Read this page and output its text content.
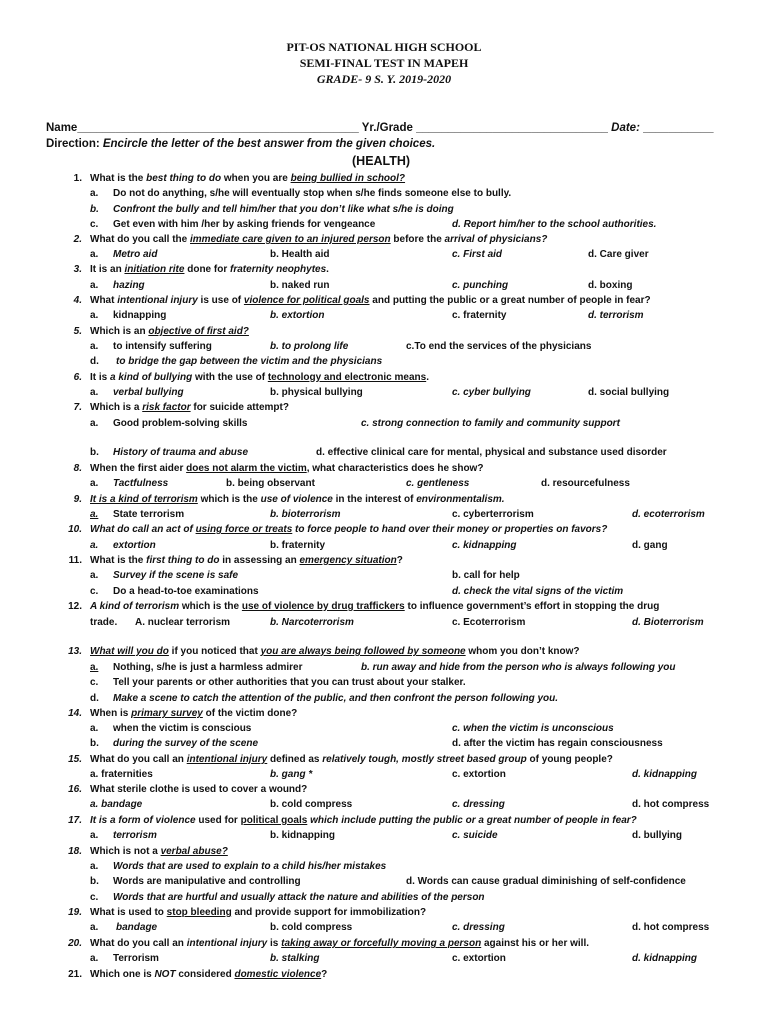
PIT-OS NATIONAL HIGH SCHOOL
SEMI-FINAL TEST IN MAPEH
GRADE- 9 S. Y. 2019-2020
Name____________________________________________ Yr./Grade ______________________________ Date: ___________
Direction: Encircle the letter of the best answer from the given choices.
(HEALTH)
1. What is the best thing to do when you are being bullied in school?
a. Do not do anything, s/he will eventually stop when s/he finds someone else to bully.
b. Confront the bully and tell him/her that you don’t like what s/he is doing
c. Get even with him /her by asking friends for vengeance	d. Report him/her to the school authorities.
2. What do you call the immediate care given to an injured person before the arrival of physicians?
a. Metro aid	b. Health aid	c. First aid	d. Care giver
3. It is an initiation rite done for fraternity neophytes.
a. hazing	b. naked run	c. punching	d. boxing
4. What intentional injury is use of violence for political goals and putting the public or a great number of people in fear?
a. kidnapping	b. extortion	c. fraternity	d. terrorism
5. Which is an objective of first aid?
a. to intensify suffering	b. to prolong life	c.To end the services of the physicians
d. to bridge the gap between the victim and the physicians
6. It is a kind of bullying with the use of technology and electronic means.
a. verbal bullying	b. physical bullying	c. cyber bullying	d. social bullying
7. Which is a risk factor for suicide attempt?
a. Good problem-solving skills	c. strong connection to family and community support
b. History of trauma and abuse	d. effective clinical care for mental, physical and substance used disorder
8. When the first aider does not alarm the victim, what characteristics does he show?
a. Tactfulness	b. being observant	c. gentleness	d. resourcefulness
9. It is a kind of terrorism which is the use of violence in the interest of environmentalism.
a.	State terrorism	b. bioterrorism	c. cyberterrorism	d. ecoterrorism
10. What do call an act of using force or treats to force people to hand over their money or properties on favors?
a. extortion	b. fraternity	c. kidnapping	d. gang
11. What is the first thing to do in assessing an emergency situation?
a. Survey if the scene is safe	b. call for help
c. Do a head-to-toe examinations	d. check the vital signs of the victim
12. A kind of terrorism which is the use of violence by drug traffickers to influence government’s effort in stopping the drug
trade. A. nuclear terrorism	b. Narcoterrorism	c. Ecoterrorism	d. Bioterrorism
13. What will you do if you noticed that you are always being followed by someone whom you don’t know?
a.	Nothing, s/he is just a harmless admirer	b. run away and hide from the person who is always following you
c. Tell your parents or other authorities that you can trust about your stalker.
d. Make a scene to catch the attention of the public, and then confront the person following you.
14. When is primary survey of the victim done?
a. when the victim is conscious	c. when the victim is unconscious
b. during the survey of the scene	d. after the victim has regain consciousness
15. What do you call an intentional injury defined as relatively tough, mostly street based group of young people?
a. fraternities	b. gang *	c. extortion	d. kidnapping
16. What sterile clothe is used to cover a wound?
a. bandage	b. cold compress	c. dressing	d. hot compress
17. It is a form of violence used for political goals which include putting the public or a great number of people in fear?
a. terrorism	b. kidnapping	c. suicide	d. bullying
18. Which is not a verbal abuse?
a. Words that are used to explain to a child his/her mistakes
b. Words are manipulative and controlling	d. Words can cause gradual diminishing of self-confidence
c. Words that are hurtful and usually attack the nature and abilities of the person
19. What is used to stop bleeding and provide support for immobilization?
a. bandage	b. cold compress	c. dressing	d. hot compress
20. What do you call an intentional injury is taking away or forcefully moving a person against his or her will.
a. Terrorism	b. stalking	c. extortion	d. kidnapping
21. Which one is NOT considered domestic violence?
